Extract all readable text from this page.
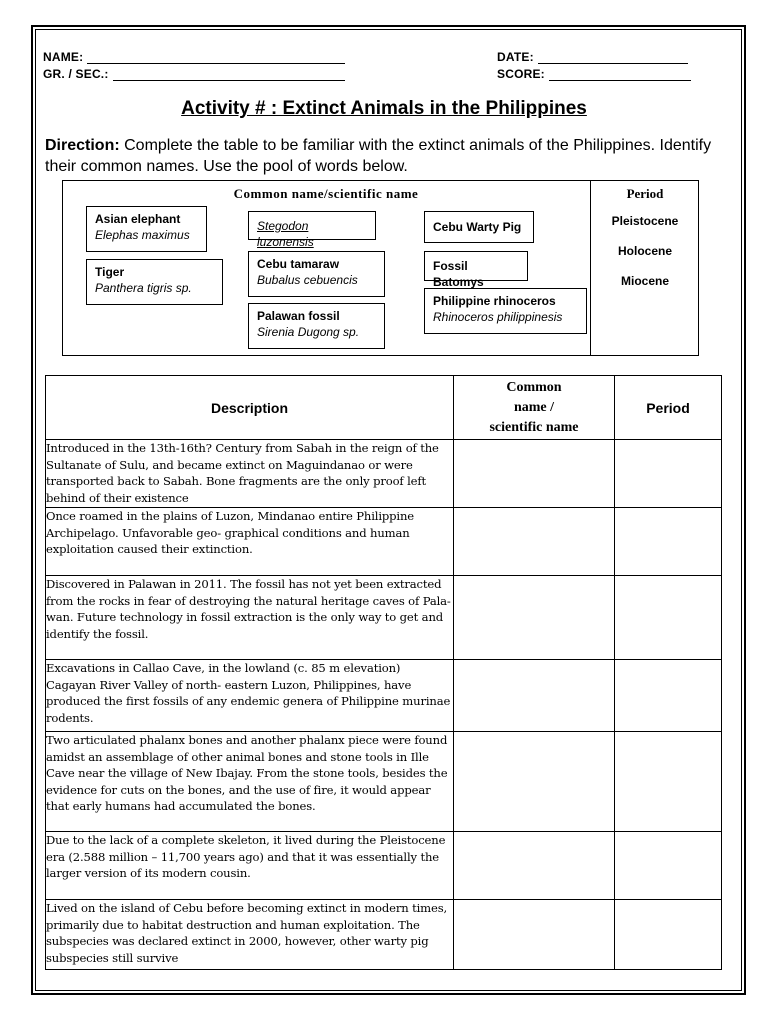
NAME:
GR. / SEC.:
DATE:
SCORE:
Activity # : Extinct Animals in the Philippines
Direction: Complete the table to be familiar with the extinct animals of the Philippines. Identify their common names. Use the pool of words below.
Common name/scientific name	Period
Pleistocene
Holocene
Miocene
Asian elephant
Elephas maximus
Tiger
Panthera tigris sp.
Stegodon luzonensis
Cebu tamaraw
Bubalus cebuencis
Palawan fossil
Sirenia Dugong sp.
Cebu Warty Pig
Fossil Batomys
Philippine rhinoceros
Rhinoceros philippinesis
Description	Common
name /
scientific name	Period
Introduced in the 13th-16th? Century from Sabah in the reign of the Sultanate of Sulu, and became extinct on Maguindanao or were transported back to Sabah. Bone fragments are the only proof left behind of their existence		
Once roamed in the plains of Luzon, Mindanao entire Philippine Archipelago. Unfavorable geo- graphical conditions and human exploitation caused their extinction.		
Discovered in Palawan in 2011. The fossil has not yet been extracted from the rocks in fear of destroying the natural heritage caves of Pala- wan. Future technology in fossil extraction is the only way to get and identify the fossil.		
Excavations in Callao Cave, in the lowland (c. 85 m elevation) Cagayan River Valley of north- eastern Luzon, Philippines, have produced the first fossils of any endemic genera of Philippine murinae rodents.		
Two articulated phalanx bones and another phalanx piece were found amidst an assemblage of other animal bones and stone tools in Ille Cave near the village of New Ibajay. From the stone tools, besides the evidence for cuts on the bones, and the use of fire, it would appear that early humans had accumulated the bones.		
Due to the lack of a complete skeleton, it lived during the Pleistocene era (2.588 million – 11,700 years ago) and that it was essentially the larger version of its modern cousin.		
Lived on the island of Cebu before becoming extinct in modern times, primarily due to habitat destruction and human exploitation. The subspecies was declared extinct in 2000, however, other warty pig subspecies still survive		
